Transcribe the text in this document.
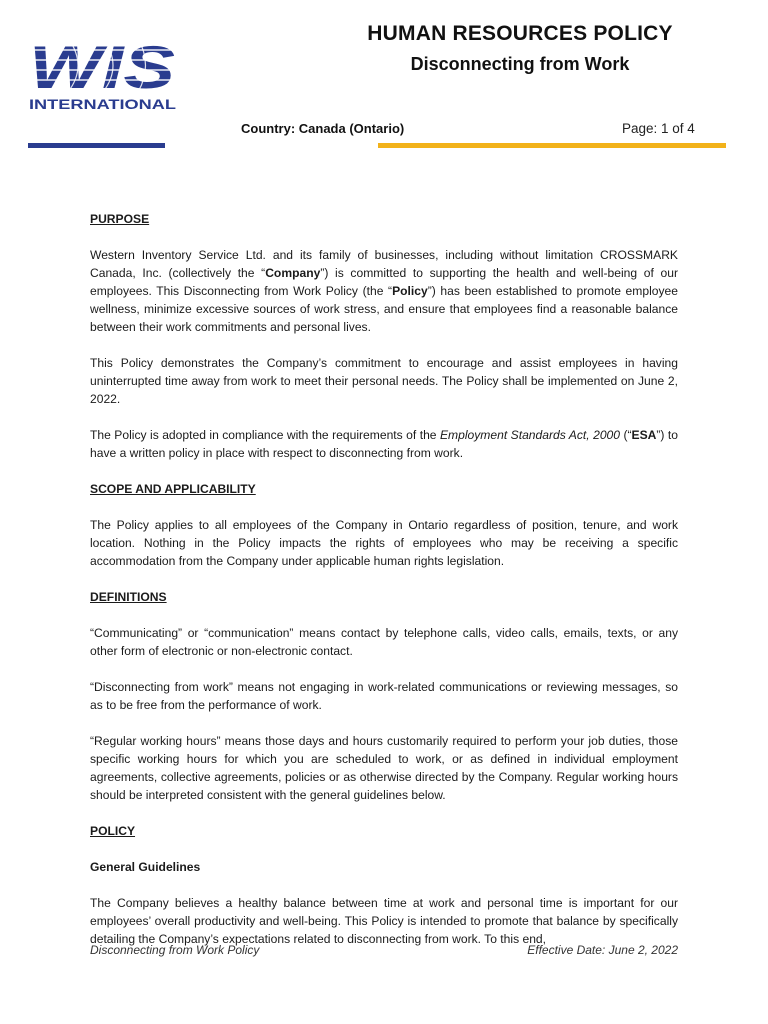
WIS
INTERNATIONAL
HUMAN RESOURCES POLICY
Disconnecting from Work
Country: Canada (Ontario)	Page: 1 of 4
PURPOSE

Western Inventory Service Ltd. and its family of businesses, including without limitation CROSSMARK Canada, Inc. (collectively the “Company”) is committed to supporting the health and well-being of our employees. This Disconnecting from Work Policy (the “Policy”) has been established to promote employee wellness, minimize excessive sources of work stress, and ensure that employees find a reasonable balance between their work commitments and personal lives.

This Policy demonstrates the Company’s commitment to encourage and assist employees in having uninterrupted time away from work to meet their personal needs. The Policy shall be implemented on June 2, 2022.

The Policy is adopted in compliance with the requirements of the Employment Standards Act, 2000 (“ESA”) to have a written policy in place with respect to disconnecting from work.

SCOPE AND APPLICABILITY

The Policy applies to all employees of the Company in Ontario regardless of position, tenure, and work location. Nothing in the Policy impacts the rights of employees who may be receiving a specific accommodation from the Company under applicable human rights legislation.

DEFINITIONS

“Communicating” or “communication” means contact by telephone calls, video calls, emails, texts, or any other form of electronic or non-electronic contact.

“Disconnecting from work” means not engaging in work-related communications or reviewing messages, so as to be free from the performance of work.

“Regular working hours” means those days and hours customarily required to perform your job duties, those specific working hours for which you are scheduled to work, or as defined in individual employment agreements, collective agreements, policies or as otherwise directed by the Company. Regular working hours should be interpreted consistent with the general guidelines below.

POLICY
General Guidelines

The Company believes a healthy balance between time at work and personal time is important for our employees’ overall productivity and well-being. This Policy is intended to promote that balance by specifically detailing the Company’s expectations related to disconnecting from work. To this end,

Disconnecting from Work Policy	Effective Date: June 2, 2022
